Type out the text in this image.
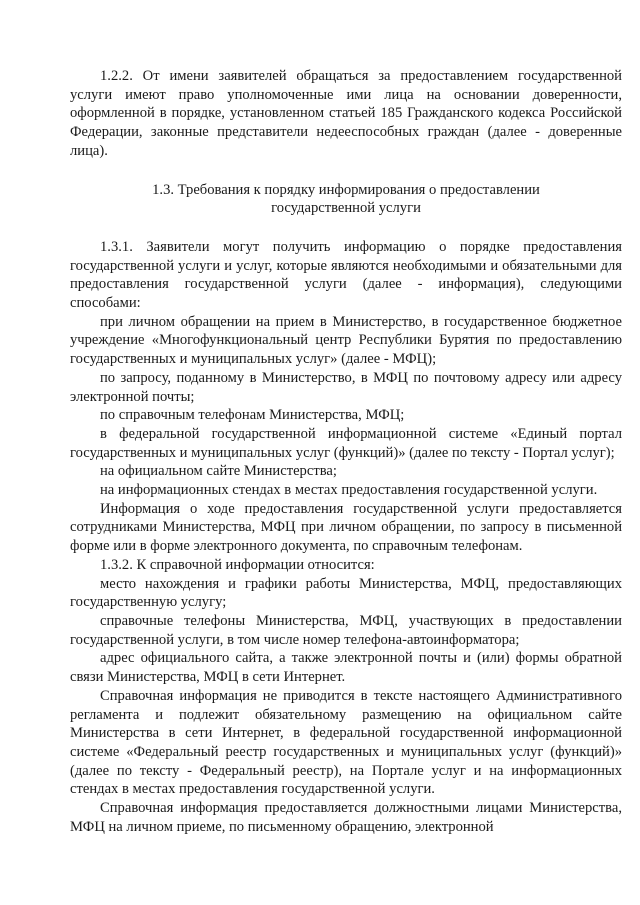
1.2.2. От имени заявителей обращаться за предоставлением государственной услуги имеют право уполномоченные ими лица на основании доверенности, оформленной в порядке, установленном статьей 185 Гражданского кодекса Российской Федерации, законные представители недееспособных граждан (далее - доверенные лица).

1.3. Требования к порядку информирования о предоставлении государственной услуги

1.3.1. Заявители могут получить информацию о порядке предоставления государственной услуги и услуг, которые являются необходимыми и обязательными для предоставления государственной услуги (далее - информация), следующими способами:

при личном обращении на прием в Министерство, в государственное бюджетное учреждение «Многофункциональный центр Республики Бурятия по предоставлению государственных и муниципальных услуг» (далее - МФЦ);

по запросу, поданному в Министерство, в МФЦ по почтовому адресу или адресу электронной почты;

по справочным телефонам Министерства, МФЦ;

в федеральной государственной информационной системе «Единый портал государственных и муниципальных услуг (функций)» (далее по тексту - Портал услуг);

на официальном сайте Министерства;

на информационных стендах в местах предоставления государственной услуги.

Информация о ходе предоставления государственной услуги предоставляется сотрудниками Министерства, МФЦ при личном обращении, по запросу в письменной форме или в форме электронного документа, по справочным телефонам.

1.3.2. К справочной информации относится:

место нахождения и графики работы Министерства, МФЦ, предоставляющих государственную услугу;

справочные телефоны Министерства, МФЦ, участвующих в предоставлении государственной услуги, в том числе номер телефона-автоинформатора;

адрес официального сайта, а также электронной почты и (или) формы обратной связи Министерства, МФЦ в сети Интернет.

Справочная информация не приводится в тексте настоящего Административного регламента и подлежит обязательному размещению на официальном сайте Министерства в сети Интернет, в федеральной государственной информационной системе «Федеральный реестр государственных и муниципальных услуг (функций)» (далее по тексту - Федеральный реестр), на Портале услуг и на информационных стендах в местах предоставления государственной услуги.

Справочная информация предоставляется должностными лицами Министерства, МФЦ на личном приеме, по письменному обращению, электронной
